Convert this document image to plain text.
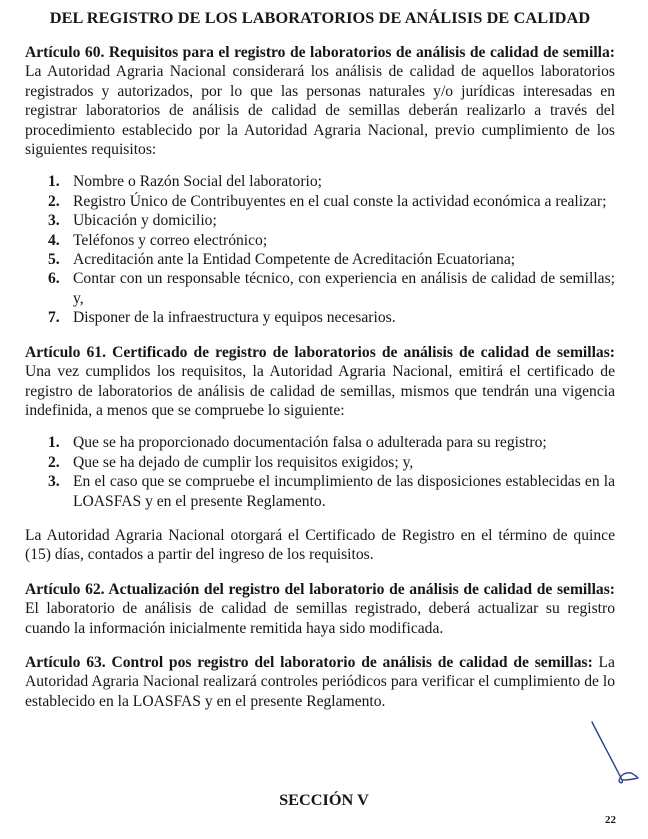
DEL REGISTRO DE LOS LABORATORIOS DE ANÁLISIS DE CALIDAD

Artículo 60. Requisitos para el registro de laboratorios de análisis de calidad de semilla: La Autoridad Agraria Nacional considerará los análisis de calidad de aquellos laboratorios registrados y autorizados, por lo que las personas naturales y/o jurídicas interesadas en registrar laboratorios de análisis de calidad de semillas deberán realizarlo a través del procedimiento establecido por la Autoridad Agraria Nacional, previo cumplimiento de los siguientes requisitos:

1. Nombre o Razón Social del laboratorio;
2. Registro Único de Contribuyentes en el cual conste la actividad económica a realizar;
3. Ubicación y domicilio;
4. Teléfonos y correo electrónico;
5. Acreditación ante la Entidad Competente de Acreditación Ecuatoriana;
6. Contar con un responsable técnico, con experiencia en análisis de calidad de semillas; y,
7. Disponer de la infraestructura y equipos necesarios.

Artículo 61. Certificado de registro de laboratorios de análisis de calidad de semillas: Una vez cumplidos los requisitos, la Autoridad Agraria Nacional, emitirá el certificado de registro de laboratorios de análisis de calidad de semillas, mismos que tendrán una vigencia indefinida, a menos que se compruebe lo siguiente:

1. Que se ha proporcionado documentación falsa o adulterada para su registro;
2. Que se ha dejado de cumplir los requisitos exigidos; y,
3. En el caso que se compruebe el incumplimiento de las disposiciones establecidas en la LOASFAS y en el presente Reglamento.

La Autoridad Agraria Nacional otorgará el Certificado de Registro en el término de quince (15) días, contados a partir del ingreso de los requisitos.

Artículo 62. Actualización del registro del laboratorio de análisis de calidad de semillas: El laboratorio de análisis de calidad de semillas registrado, deberá actualizar su registro cuando la información inicialmente remitida haya sido modificada.

Artículo 63. Control pos registro del laboratorio de análisis de calidad de semillas: La Autoridad Agraria Nacional realizará controles periódicos para verificar el cumplimiento de lo establecido en la LOASFAS y en el presente Reglamento.

SECCIÓN V
22
